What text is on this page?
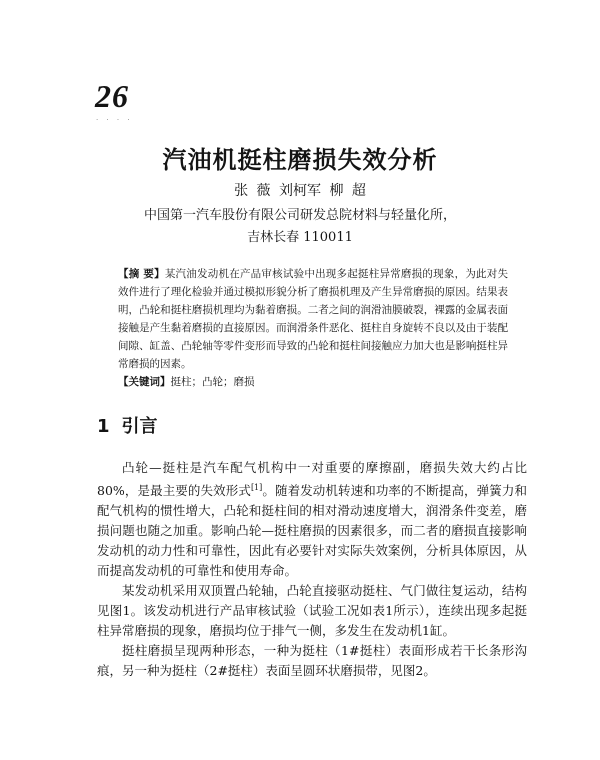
26
· · · ·
汽油机挺柱磨损失效分析
张 薇 刘柯军 柳 超
中国第一汽车股份有限公司研发总院材料与轻量化所，
吉林长春 110011
【摘 要】某汽油发动机在产品审核试验中出现多起挺柱异常磨损的现象，为此对失效件进行了理化检验并通过模拟形貌分析了磨损机理及产生异常磨损的原因。结果表明，凸轮和挺柱磨损机理均为黏着磨损。二者之间的润滑油膜破裂，裸露的金属表面接触是产生黏着磨损的直接原因。而润滑条件恶化、挺柱自身旋转不良以及由于装配间隙、缸盖、凸轮轴等零件变形而导致的凸轮和挺柱间接触应力加大也是影响挺柱异常磨损的因素。
【关键词】挺柱；凸轮；磨损
1 引言

凸轮—挺柱是汽车配气机构中一对重要的摩擦副，磨损失效大约占比80%，是最主要的失效形式[1]。随着发动机转速和功率的不断提高，弹簧力和配气机构的惯性增大，凸轮和挺柱间的相对滑动速度增大，润滑条件变差，磨损问题也随之加重。影响凸轮—挺柱磨损的因素很多，而二者的磨损直接影响发动机的动力性和可靠性，因此有必要针对实际失效案例，分析具体原因，从而提高发动机的可靠性和使用寿命。

某发动机采用双顶置凸轮轴，凸轮直接驱动挺柱、气门做往复运动，结构见图1。该发动机进行产品审核试验（试验工况如表1所示），连续出现多起挺柱异常磨损的现象，磨损均位于排气一侧，多发生在发动机1缸。

挺柱磨损呈现两种形态，一种为挺柱（1#挺柱）表面形成若干长条形沟痕，另一种为挺柱（2#挺柱）表面呈圆环状磨损带，见图2。
